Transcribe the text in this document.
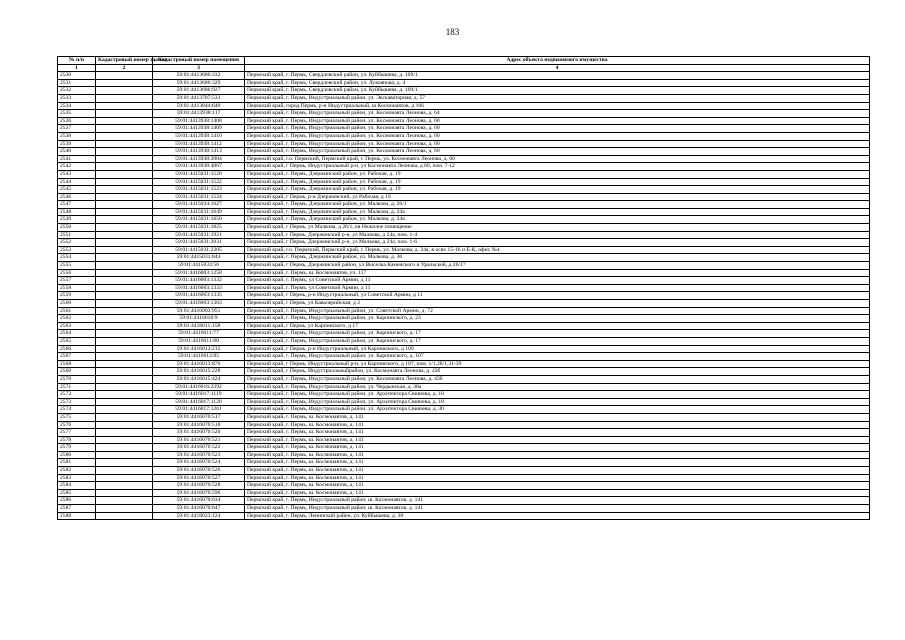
183
№ п/п	Кадастровый номер здания	Кадастровый номер помещения	Адрес объекта недвижимого имущества
1	2	3	4
2530		59:01:4413686:332	Пермский край, г. Пермь, Свердловский район, ул. Куйбышева, д. 169/1
2531		59:01:4413686:329	Пермский край, г. Пермь, Свердловский район, ул. Лукоянова, д. 4
2532		59:01:4413686:927	Пермский край, г. Пермь, Свердловский район, ул. Куйбышева, д. 169/1
2533		59:01:4413787:533	Пермский край, г. Пермь, Индустриальный район, ул. Экскаваторная, д. 57
2534		59:01:4413844:640	Пермский край, город Пермь, р-н Индустриальный, ш Космонавтов, д 166
2535		59:01:4413938:117	Пермский край, г. Пермь, Индустриальный район, ул. Космонавта Леонова, д. 64
2536		59:01:4413938:1408	Пермский край, г. Пермь, Индустриальный район, ул. Космонавта Леонова, д. 60
2537		59:01:4413938:1409	Пермский край, г. Пермь, Индустриальный район, ул. Космонавта Леонова, д. 60
2538		59:01:4413938:1410	Пермский край, г. Пермь, Индустриальный район, ул. Космонавта Леонова, д. 60
2539		59:01:4413938:1412	Пермский край, г. Пермь, Индустриальный район, ул. Космонавта Леонова, д. 60
2540		59:01:4413938:1413	Пермский край, г. Пермь, Индустриальный район, ул. Космонавта Леонова, д. 60
2541		59:01:4413938:3904	Пермский край, г.о. Пермский, Пермский край, г. Пермь, ул. Космонавта Леонова, д. 60
2542		59:01:4413938:4067	Пермский край, г Пермь, Индустриальный р-н, ул Космонавта Леонова, д 60, пом. 7-12
2543		59:01:4415031:1520	Пермский край, г. Пермь, Дзержинский район, ул. Рабочая, д. 19
2544		59:01:4415031:1522	Пермский край, г. Пермь, Дзержинский район, ул. Рабочая, д. 19
2545		59:01:4415031:1523	Пермский край, г. Пермь, Дзержинский район, ул. Рабочая, д. 19
2546		59:01:4415031:1524	Пермский край, г Пермь, р-н Дзержинский, ул Рабочая, д 19
2547		59:01:4415034:1627	Пермский край, г. Пермь, Дзержинский район, ул. Малкова, д. 26/1
2548		59:01:4415031:1649	Пермский край, г. Пермь, Дзержинский район, ул. Малкова, д. 24а
2549		59:01:4415031:1650	Пермский край, г. Пермь, Дзержинский район, ул. Малкова, д. 24а
2550		59:01:4415031:1825	Пермский край, г Пермь, ул Малкова, д 26/1, кв Нежилое помещение
2551		59:01:4415031:1921	Пермский край, г Пермь, Дзержинский р-н, ул Малкова, д 24а, пом. 1-4
2552		59:01:4415031:2031	Пермский край, г Пермь, Дзержинский р-н, ул Малкова, д 24а, пом. 1-6
2553		59:01:4415031:2205	Пермский край, г.о. Пермский, Пермский край, г. Пермь, ул. Малкова, д. 24а, в осях 15-16 и Е-К, офис №4
2554		59:01:4415031:844	Пермский край, г. Пермь, Дзержинский район, ул. Малкова, д. 30
2555		59:01:4415033:56	Пермский край, г Пермь, Дзержинский район, ул Выселка Каменского и Уральской, д 26/17
2556		59:01:4416003:1258	Пермский край, г. Пермь, ш. Космонавтов, уч. 117
2557		59:01:4416003:1332	Пермский край, г. Пермь, ул Советской Армии, д 11
2558		59:01:4416003:1333	Пермский край, г. Пермь, ул Советской Армии, д 11
2559		59:01:4416003:1335	Пермский край, г Пермь, р-н Индустриальный, ул Советской Армии, д 11
2560		59:01:4416003:1363	Пермский край, г Пермь, ул Кавалерийская, д 2
2561		59:01:4416003:951	Пермский край, г. Пермь, Индустриальный район, ул. Советской Армии, д. 72
2562		59:01:4416010:9	Пермский край, г. Пермь, Индустриальный район, ул. Карпинского, д. 23
2563		59:01:4416011:158	Пермский край, г Пермь, ул Карпинского, д 17
2564		59:01:4416011:77	Пермский край, г. Пермь, Индустриальный район, ул. Карпинского, д. 17
2565		59:01:4416011:80	Пермский край, г. Пермь, Индустриальный район, ул. Карпинского, д. 17
2566		59:01:4416013:215	Пермский край, г Пермь, р-н Индустриальный, ул Карпинского, д 109
2567		59:01:4416013:85	Пермский край, г. Пермь, Индустриальный район, ул. Карпинского, д. 107
2568		59:01:4416013:876	Пермский край, г Пермь, Индустриальный р-н, ул Карпинского, д 107, пом. 1/1,28/1,31-39
2569		59:01:4416015:228	Пермский край, г Пермь, Индустриальныйрайон, ул. Космонавта Леонова, д. 43б
2570		59:01:4416015:424	Пермский край, г. Пермь, Индустриальный район, ул. Космонавта Леонова, д. 43б
2571		59:01:4416016:2392	Пермский край, г. Пермь, Индустриальный район, ул. Чердынская, д. 38а
2572		59:01:4416017:1119	Пермский край, г. Пермь, Индустриальный район, ул. Архитектора Свиязева, д. 18
2573		59:01:4416017:1120	Пермский край, г. Пермь, Индустриальный район, ул. Архитектора Свиязева, д. 18
2574		59:01:4416017:1261	Пермский край, г. Пермь, Индустриальный район, ул. Архитектора Свиязева, д. 30
2575		59:01:4416070:517	Пермский край, г. Пермь, ш. Космонавтов, д. 141
2576		59:01:4416070:518	Пермский край, г. Пермь, ш. Космонавтов, д. 141
2577		59:01:4416070:520	Пермский край, г. Пермь, ш. Космонавтов, д. 141
2578		59:01:4416070:521	Пермский край, г. Пермь, ш. Космонавтов, д. 141
2579		59:01:4416070:522	Пермский край, г. Пермь, ш. Космонавтов, д. 141
2580		59:01:4416070:523	Пермский край, г. Пермь, ш. Космонавтов, д. 141
2581		59:01:4416070:524	Пермский край, г. Пермь, ш. Космонавтов, д. 141
2582		59:01:4416070:526	Пермский край, г. Пермь, ш. Космонавтов, д. 141
2583		59:01:4416070:527	Пермский край, г. Пермь, ш. Космонавтов, д. 141
2584		59:01:4416070:528	Пермский край, г. Пермь, ш. Космонавтов, д. 141
2585		59:01:4416070:596	Пермский край, г. Пермь, ш. Космонавтов, д. 141
2586		59:01:4416070:634	Пермский край, г. Пермь, Индустриальный район, ш. Космонавтов, д. 141
2587		59:01:4416070:647	Пермский край, г. Пермь, Индустриальный район, ш. Космонавтов, д. 141
2588		59:01:4418023:124	Пермский край, г. Пермь, Ленинский район, ул. Куйбышева, д. 38
